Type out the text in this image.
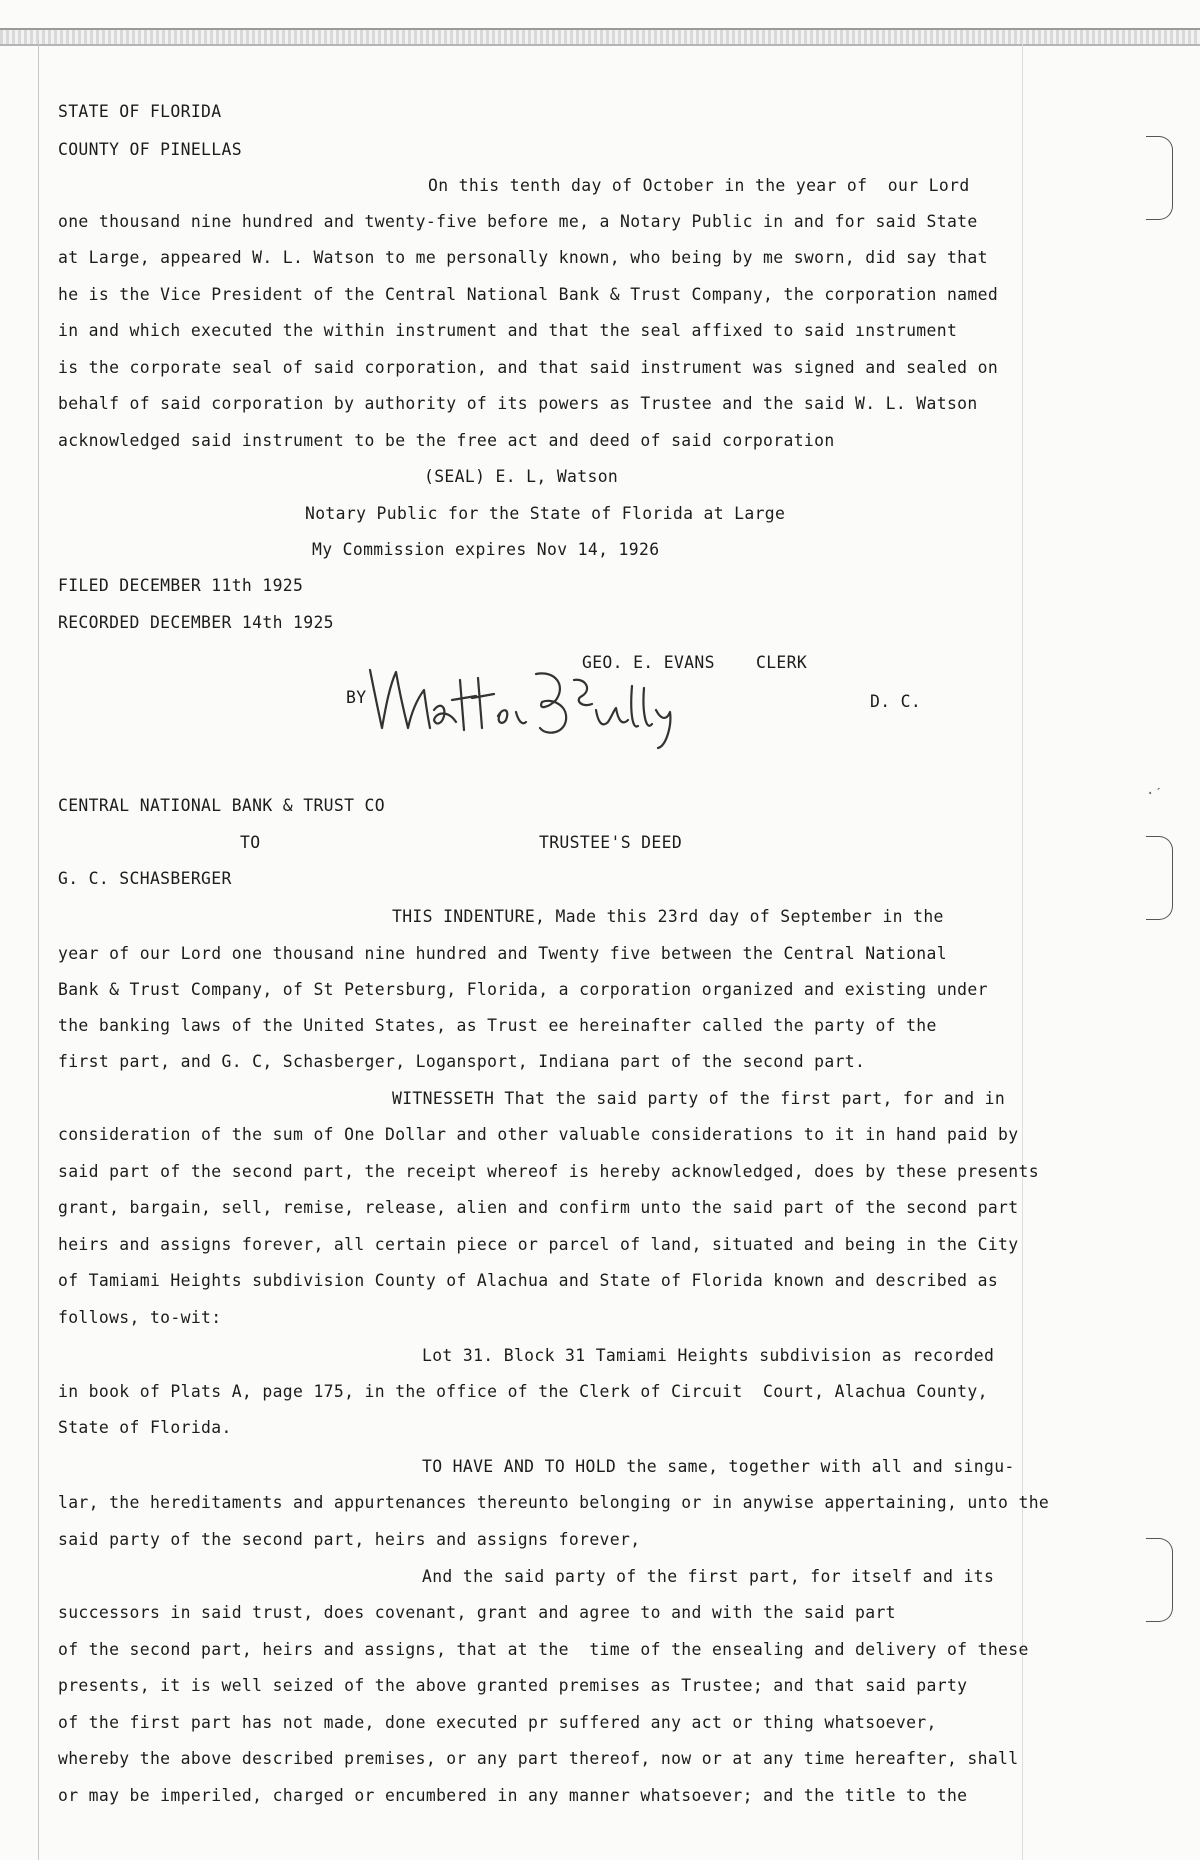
·ˊ
STATE OF FLORIDA
COUNTY OF PINELLAS
On this tenth day of October in the year of  our Lord
one thousand nine hundred and twenty-five before me, a Notary Public in and for said State
at Large, appeared W. L. Watson to me personally known, who being by me sworn, did say that
he is the Vice President of the Central National Bank & Trust Company, the corporation named
in and which executed the within instrument and that the seal affixed to said ınstrument
is the corporate seal of said corporation, and that said instrument was signed and sealed on
behalf of said corporation by authority of its powers as Trustee and the said W. L. Watson
acknowledged said instrument to be the free act and deed of said corporation
(SEAL) E. L, Watson
Notary Public for the State of Florida at Large
My Commission expires Nov 14, 1926
FILED DECEMBER 11th 1925
RECORDED DECEMBER 14th 1925
GEO. E. EVANS	CLERK
BY	D. C.
CENTRAL NATIONAL BANK & TRUST CO
TO	TRUSTEE'S DEED
G. C. SCHASBERGER
THIS INDENTURE, Made this 23rd day of September in the
year of our Lord one thousand nine hundred and Twenty five between the Central National
Bank & Trust Company, of St Petersburg, Florida, a corporation organized and existing under
the banking laws of the United States, as Trust ee hereinafter called the party of the
first part, and G. C, Schasberger, Logansport, Indiana part of the second part.
WITNESSETH That the said party of the first part, for and in
consideration of the sum of One Dollar and other valuable considerations to it in hand paid by
said part of the second part, the receipt whereof is hereby acknowledged, does by these presents
grant, bargain, sell, remise, release, alien and confirm unto the said part of the second part
heirs and assigns forever, all certain piece or parcel of land, situated and being in the City
of Tamiami Heights subdivision County of Alachua and State of Florida known and described as
follows, to-wit:
Lot 31. Block 31 Tamiami Heights subdivision as recorded
in book of Plats A, page 175, in the office of the Clerk of Circuit  Court, Alachua County,
State of Florida.
TO HAVE AND TO HOLD the same, together with all and singu-
lar, the hereditaments and appurtenances thereunto belonging or in anywise appertaining, unto the
said party of the second part, heirs and assigns forever,
And the said party of the first part, for itself and its
successors in said trust, does covenant, grant and agree to and with the said part
of the second part, heirs and assigns, that at the  time of the ensealing and delivery of these
presents, it is well seized of the above granted premises as Trustee; and that said party
of the first part has not made, done executed pr suffered any act or thing whatsoever,
whereby the above described premises, or any part thereof, now or at any time hereafter, shall
or may be imperiled, charged or encumbered in any manner whatsoever; and the title to the
